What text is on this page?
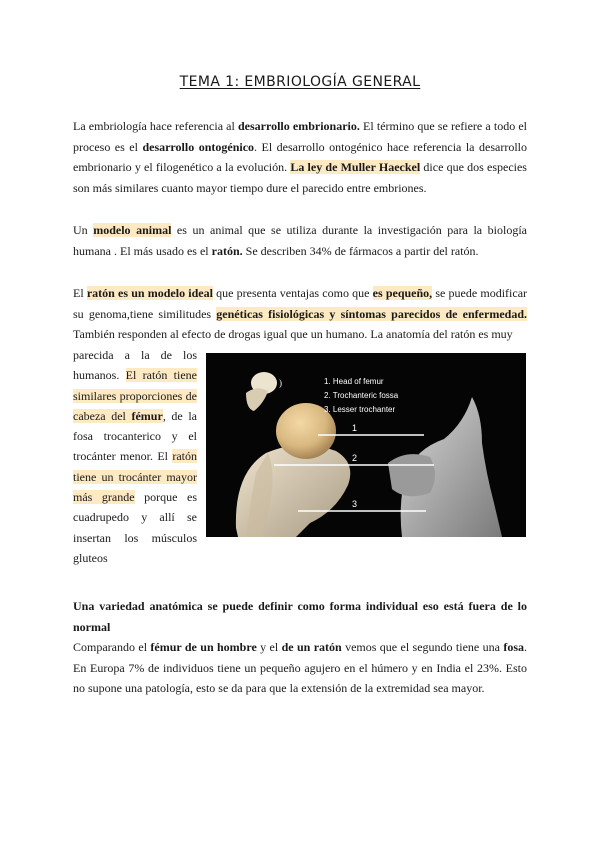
TEMA 1: EMBRIOLOGÍA GENERAL

La embriología hace referencia al desarrollo embrionario. El término que se refiere a todo el proceso es el desarrollo ontogénico. El desarrollo ontogénico hace referencia la desarrollo embrionario y el filogenético a la evolución. La ley de Muller Haeckel dice que dos especies son más similares cuanto mayor tiempo dure el parecido entre embriones.

Un modelo animal es un animal que se utiliza durante la investigación para la biología humana . El más usado es el ratón. Se describen 34% de fármacos a partir del ratón.

El ratón es un modelo ideal que presenta ventajas como que es pequeño, se puede modificar su genoma,tiene similitudes genéticas fisiológicas y síntomas parecidos de enfermedad. También responden al efecto de drogas igual que un humano. La anatomía del ratón es muy

parecida a la de los humanos. El ratón tiene similares proporciones de cabeza del fémur, de la fosa trocanterico y el trocánter menor. El ratón tiene un trocánter mayor más grande porque es cuadrupedo y allí se insertan los músculos gluteos

)
1
2
3
1. Head of femur
2. Trochanteric fossa
3. Lesser trochanter

Una variedad anatómica se puede definir como forma individual eso está fuera de lo normal

Comparando el fémur de un hombre y el de un ratón vemos que el segundo tiene una fosa. En Europa 7% de individuos tiene un pequeño agujero en el húmero y en India el 23%. Esto no supone una patología, esto se da para que la extensión de la extremidad sea mayor.
